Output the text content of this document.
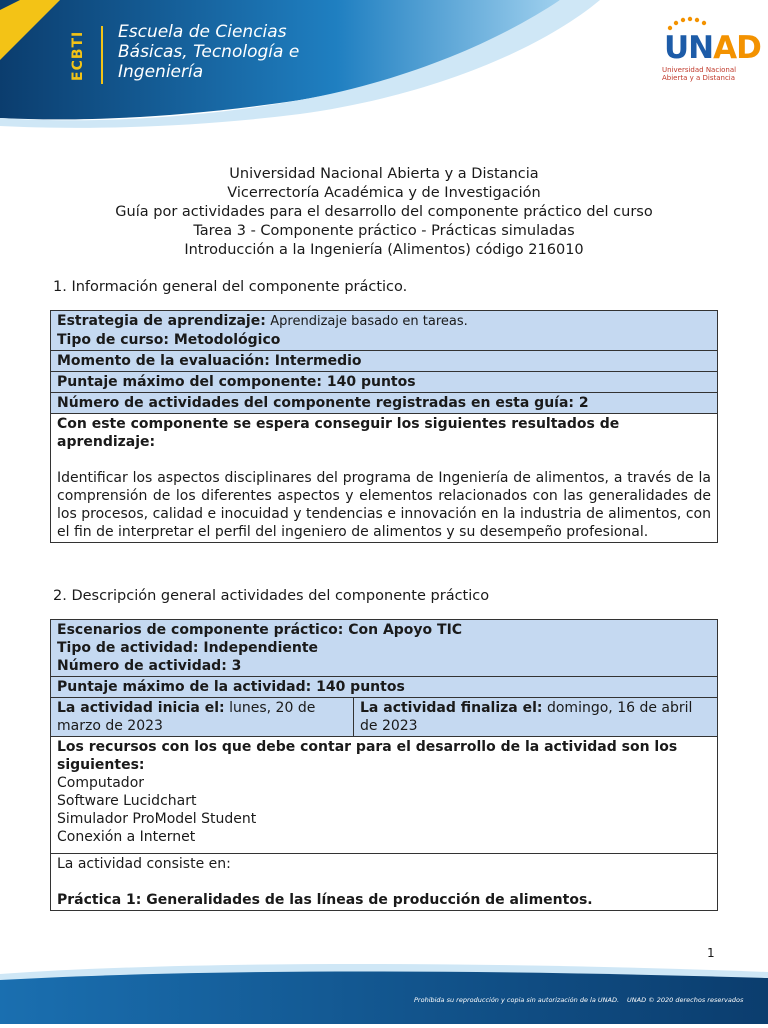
ECBTI	Escuela de Ciencias
Básicas, Tecnología e
Ingeniería
UNAD
Universidad Nacional
Abierta y a Distancia
Universidad Nacional Abierta y a Distancia
Vicerrectoría Académica y de Investigación
Guía por actividades para el desarrollo del componente práctico del curso
Tarea 3 - Componente práctico - Prácticas simuladas
Introducción a la Ingeniería (Alimentos) código 216010
1. Información general del componente práctico.
Estrategia de aprendizaje: Aprendizaje basado en tareas.
Tipo de curso: Metodológico
Momento de la evaluación: Intermedio
Puntaje máximo del componente: 140 puntos
Número de actividades del componente registradas en esta guía: 2
Con este componente se espera conseguir los siguientes resultados de aprendizaje:

Identificar los aspectos disciplinares del programa de Ingeniería de alimentos, a través de la comprensión de los diferentes aspectos y elementos relacionados con las generalidades de los procesos, calidad e inocuidad y tendencias e innovación en la industria de alimentos, con el fin de interpretar el perfil del ingeniero de alimentos y su desempeño profesional.
2. Descripción general actividades del componente práctico
Escenarios de componente práctico: Con Apoyo TIC
Tipo de actividad: Independiente
Número de actividad: 3
Puntaje máximo de la actividad: 140 puntos
La actividad inicia el: lunes, 20 de marzo de 2023	La actividad finaliza el: domingo, 16 de abril de 2023
Los recursos con los que debe contar para el desarrollo de la actividad son los siguientes:
Computador
Software Lucidchart
Simulador ProModel Student
Conexión a Internet

La actividad consiste en:

Práctica 1: Generalidades de las líneas de producción de alimentos.
1
Prohibida su reproducción y copia sin autorización de la UNAD. UNAD © 2020 derechos reservados
